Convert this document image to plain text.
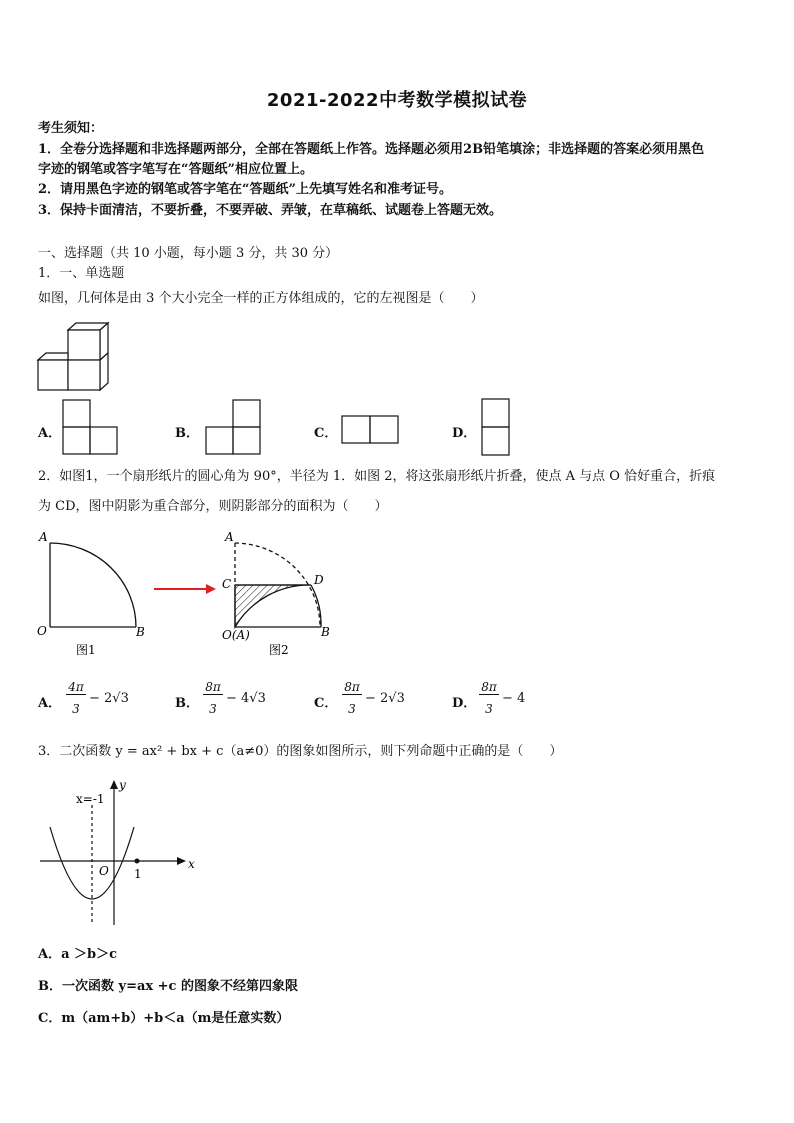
2021-2022中考数学模拟试卷
考生须知：
1．全卷分选择题和非选择题两部分，全部在答题纸上作答。选择题必须用2B铅笔填涂；非选择题的答案必须用黑色
字迹的钢笔或答字笔写在“答题纸”相应位置上。
2．请用黑色字迹的钢笔或答字笔在“答题纸”上先填写姓名和准考证号。
3．保持卡面清洁，不要折叠，不要弄破、弄皱，在草稿纸、试题卷上答题无效。
一、选择题（共 10 小题，每小题 3 分，共 30 分）
1．一、单选题
如图，几何体是由 3 个大小完全一样的正方体组成的，它的左视图是（　　）
A．	B．	C．	D．
2．如图1，一个扇形纸片的圆心角为 90°，半径为 1．如图 2，将这张扇形纸片折叠，使点 A 与点 O 恰好重合，折痕
为 CD，图中阴影为重合部分，则阴影部分的面积为（　　）
A
O	B
图1
A
C	D
O(A)	B
图2
A．
4π
3
− 2√3	B．
8π
3
− 4√3	C．
8π
3
− 2√3	D．
8π
3
− 4
3．二次函数 y = ax² + bx + c（a≠0）的图象如图所示，则下列命题中正确的是（　　）
y
x
x=-1
O 1
A．a ＞b＞c
B．一次函数 y=ax +c 的图象不经第四象限
C．m（am+b）+b＜a（m是任意实数）
